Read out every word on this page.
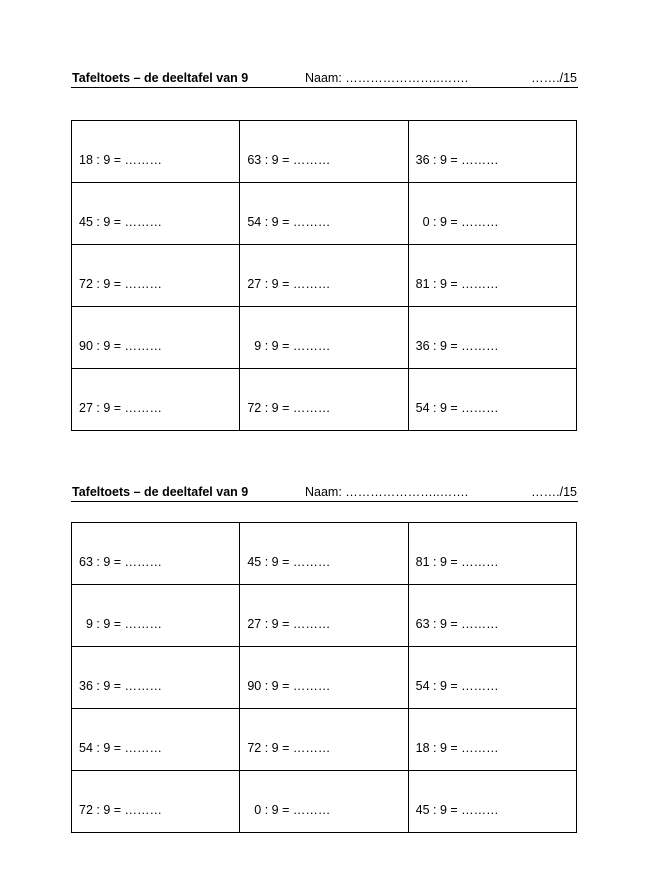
Tafeltoets – de deeltafel van 9	Naam: …………………..…….	……./15
18 : 9 = ………	63 : 9 = ………	36 : 9 = ………

45 : 9 = ………	54 : 9 = ………	0 : 9 = ………

72 : 9 = ………	27 : 9 = ………	81 : 9 = ………

90 : 9 = ………	9 : 9 = ………	36 : 9 = ………

27 : 9 = ………	72 : 9 = ………	54 : 9 = ………
Tafeltoets – de deeltafel van 9	Naam: …………………..…….	……./15
63 : 9 = ………	45 : 9 = ………	81 : 9 = ………

9 : 9 = ………	27 : 9 = ………	63 : 9 = ………

36 : 9 = ………	90 : 9 = ………	54 : 9 = ………

54 : 9 = ………	72 : 9 = ………	18 : 9 = ………

72 : 9 = ………	0 : 9 = ………	45 : 9 = ………
